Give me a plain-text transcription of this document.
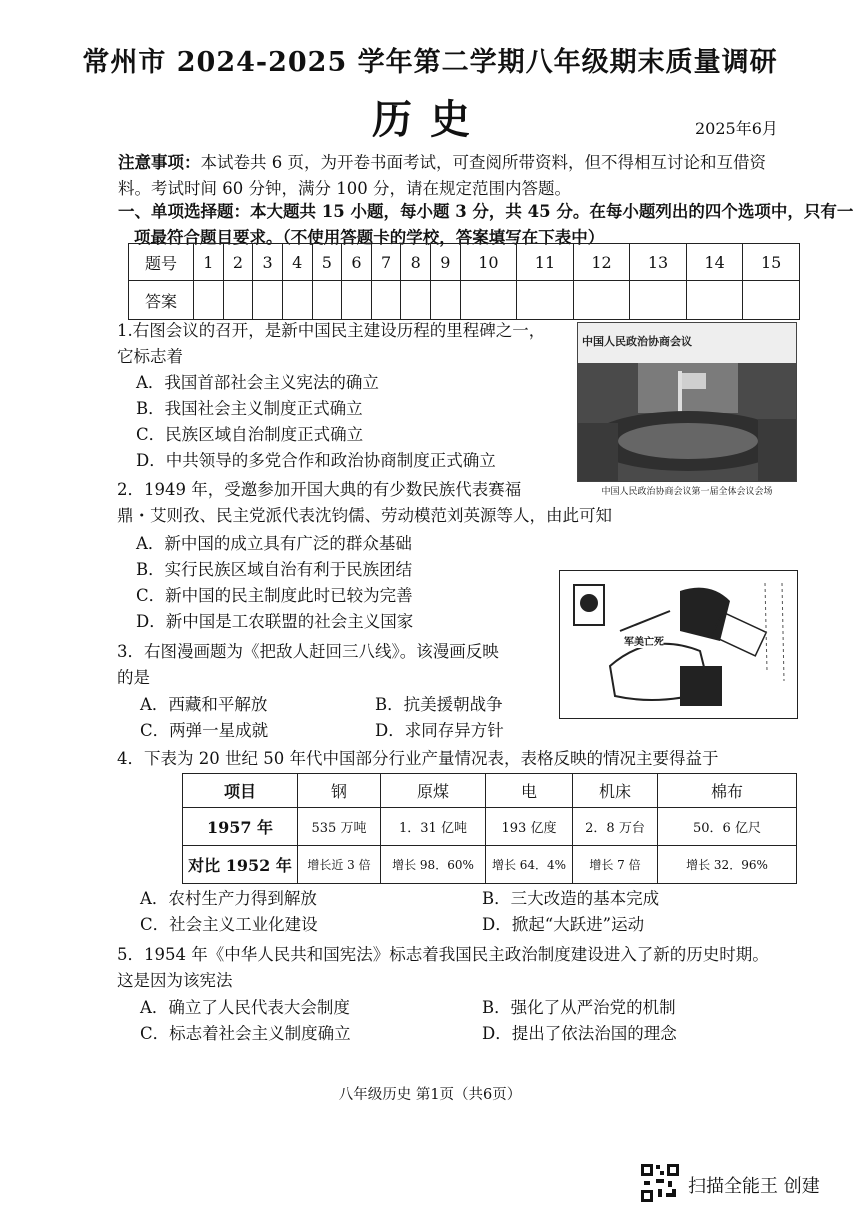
常州市 2024-2025 学年第二学期八年级期末质量调研
历史	2025年6月
注意事项：本试卷共 6 页，为开卷书面考试，可查阅所带资料，但不得相互讨论和互借资
料。考试时间 60 分钟，满分 100 分，请在规定范围内答题。
一、单项选择题：本大题共 15 小题，每小题 3 分，共 45 分。在每小题列出的四个选项中，只有一
项最符合题目要求。（不使用答题卡的学校，答案填写在下表中）
题号	1	2	3	4	5	6	7	8	9	10	11	12	13	14	15
答案															
1.右图会议的召开，是新中国民主建设历程的里程碑之一，
它标志着
A．我国首部社会主义宪法的确立
B．我国社会主义制度正式确立
C．民族区域自治制度正式确立
D．中共领导的多党合作和政治协商制度正式确立
中国人民政治协商会议
中国人民政治协商会议第一届全体会议会场
2．1949 年，受邀参加开国大典的有少数民族代表赛福
鼎・艾则孜、民主党派代表沈钧儒、劳动模范刘英源等人，由此可知
A．新中国的成立具有广泛的群众基础
B．实行民族区域自治有利于民族团结
C．新中国的民主制度此时已较为完善
D．新中国是工农联盟的社会主义国家
军美亡死
3．右图漫画题为《把敌人赶回三八线》。该漫画反映
的是
A．西藏和平解放	B．抗美援朝战争
C．两弹一星成就	D．求同存异方针
4．下表为 20 世纪 50 年代中国部分行业产量情况表，表格反映的情况主要得益于
项目	钢	原煤	电	机床	棉布
1957 年	535 万吨	1．31 亿吨	193 亿度	2．8 万台	50．6 亿尺
对比 1952 年	增长近 3 倍	增长 98．60%	增长 64．4%	增长 7 倍	增长 32．96%
A．农村生产力得到解放	B．三大改造的基本完成
C．社会主义工业化建设	D．掀起“大跃进”运动
5．1954 年《中华人民共和国宪法》标志着我国民主政治制度建设进入了新的历史时期。
这是因为该宪法
A．确立了人民代表大会制度	B．强化了从严治党的机制
C．标志着社会主义制度确立	D．提出了依法治国的理念
八年级历史 第1页（共6页）
扫描全能王 创建
